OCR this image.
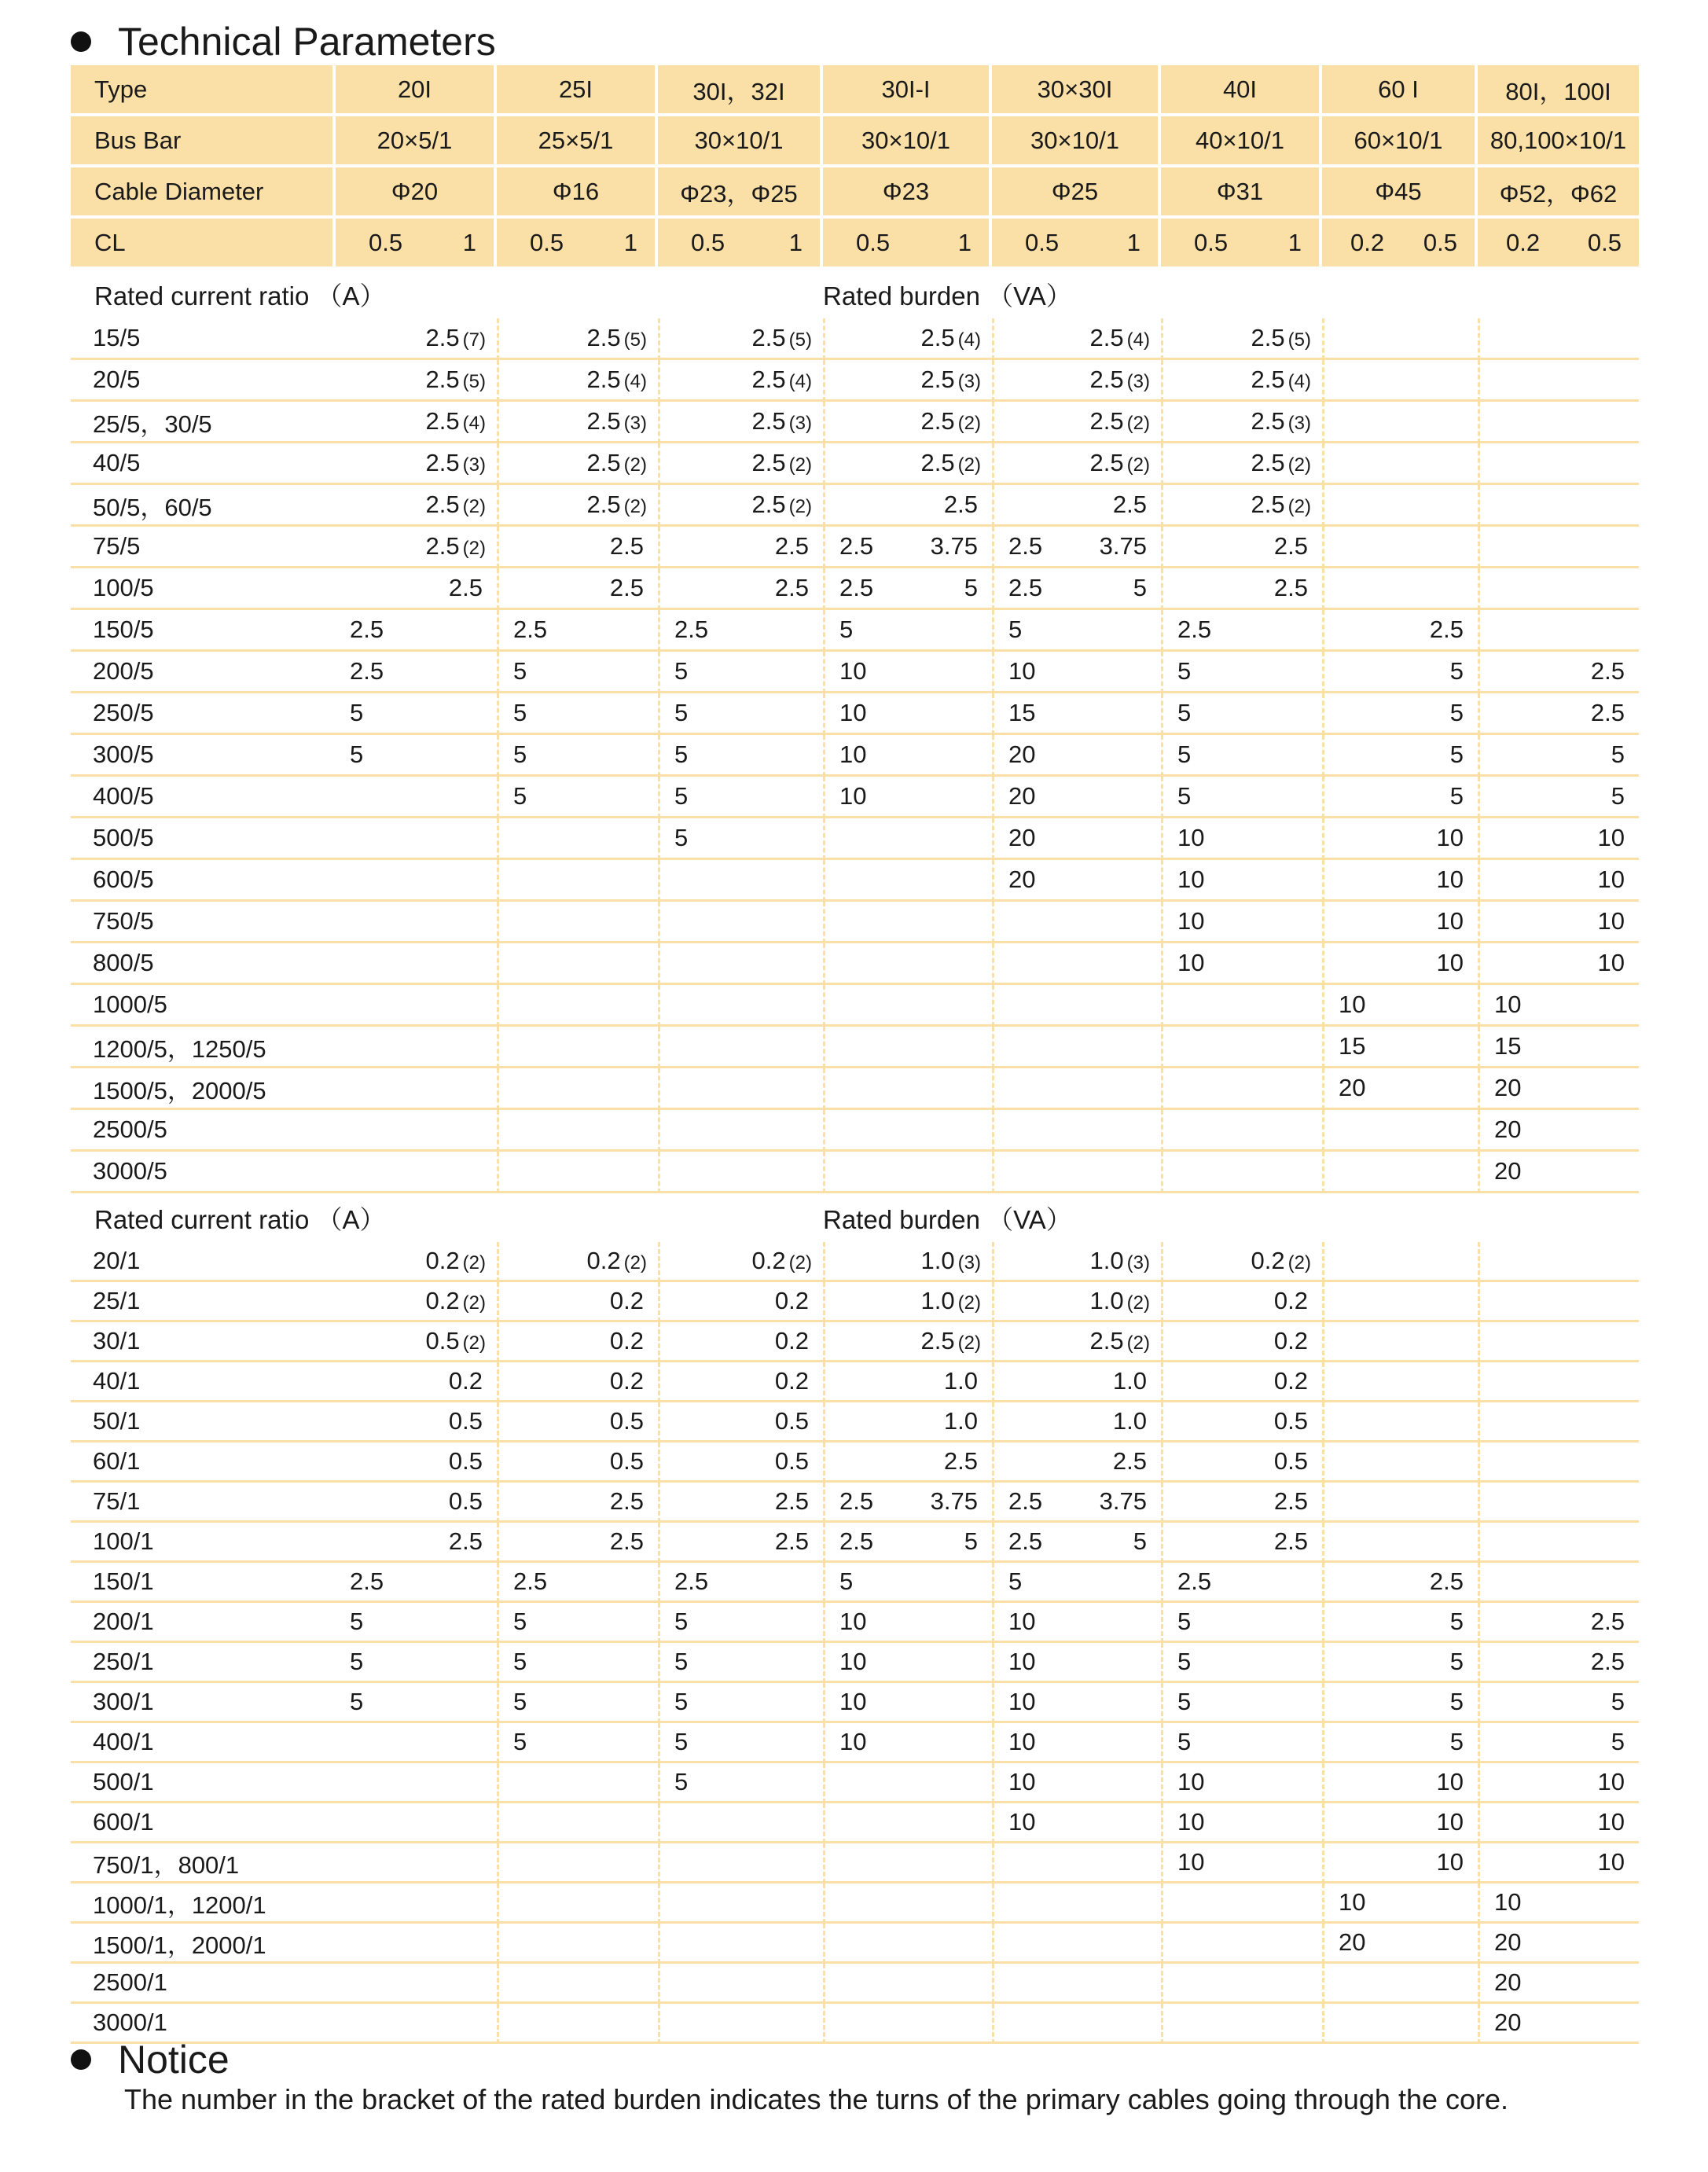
Technical Parameters
Type	20I	25I	30I，32I	30I-I	30×30I	40I	60 I	80I，100I
Bus Bar	20×5/1	25×5/1	30×10/1	30×10/1	30×10/1	40×10/1	60×10/1	80,100×10/1
Cable Diameter	Φ20	Φ16	Φ23，Φ25	Φ23	Φ25	Φ31	Φ45	Φ52，Φ62
CL	0.5 1	0.5 1	0.5 1	0.5 1	0.5 1	0.5 1	0.2 0.5	0.2 0.5

Rated current ratio （A）				Rated burden （VA）				
15/5	2.5 (7)	2.5 (5)	2.5 (5)	2.5 (4)	2.5 (4)	2.5 (5)		

20/5	2.5 (5)	2.5 (4)	2.5 (4)	2.5 (3)	2.5 (3)	2.5 (4)		

25/5，30/5	2.5 (4)	2.5 (3)	2.5 (3)	2.5 (2)	2.5 (2)	2.5 (3)		

40/5	2.5 (3)	2.5 (2)	2.5 (2)	2.5 (2)	2.5 (2)	2.5 (2)		

50/5，60/5	2.5 (2)	2.5 (2)	2.5 (2)	2.5	2.5	2.5 (2)		

75/5	2.5 (2)	2.5	2.5	2.5 3.75	2.5 3.75	2.5		

100/5	2.5	2.5	2.5	2.5 5	2.5 5	2.5		

150/5	2.5	2.5	2.5	5	5	2.5	2.5	

200/5	2.5	5	5	10	10	5	5	2.5

250/5	5	5	5	10	15	5	5	2.5

300/5	5	5	5	10	20	5	5	5

400/5		5	5	10	20	5	5	5

500/5			5		20	10	10	10

600/5					20	10	10	10

750/5						10	10	10

800/5						10	10	10

1000/5							10	10

1200/5，1250/5							15	15

1500/5，2000/5							20	20

2500/5								20

3000/5								20

Rated current ratio （A）				Rated burden （VA）				
20/1	0.2 (2)	0.2 (2)	0.2 (2)	1.0 (3)	1.0 (3)	0.2 (2)		

25/1	0.2 (2)	0.2	0.2	1.0 (2)	1.0 (2)	0.2		

30/1	0.5 (2)	0.2	0.2	2.5 (2)	2.5 (2)	0.2		

40/1	0.2	0.2	0.2	1.0	1.0	0.2		

50/1	0.5	0.5	0.5	1.0	1.0	0.5		

60/1	0.5	0.5	0.5	2.5	2.5	0.5		

75/1	0.5	2.5	2.5	2.5 3.75	2.5 3.75	2.5		

100/1	2.5	2.5	2.5	2.5 5	2.5 5	2.5		

150/1	2.5	2.5	2.5	5	5	2.5	2.5	

200/1	5	5	5	10	10	5	5	2.5

250/1	5	5	5	10	10	5	5	2.5

300/1	5	5	5	10	10	5	5	5

400/1		5	5	10	10	5	5	5

500/1			5		10	10	10	10

600/1					10	10	10	10

750/1，800/1						10	10	10

1000/1，1200/1							10	10

1500/1，2000/1							20	20

2500/1								20

3000/1								20
Notice
The number in the bracket of the rated burden indicates the turns of the primary cables going through the core.
